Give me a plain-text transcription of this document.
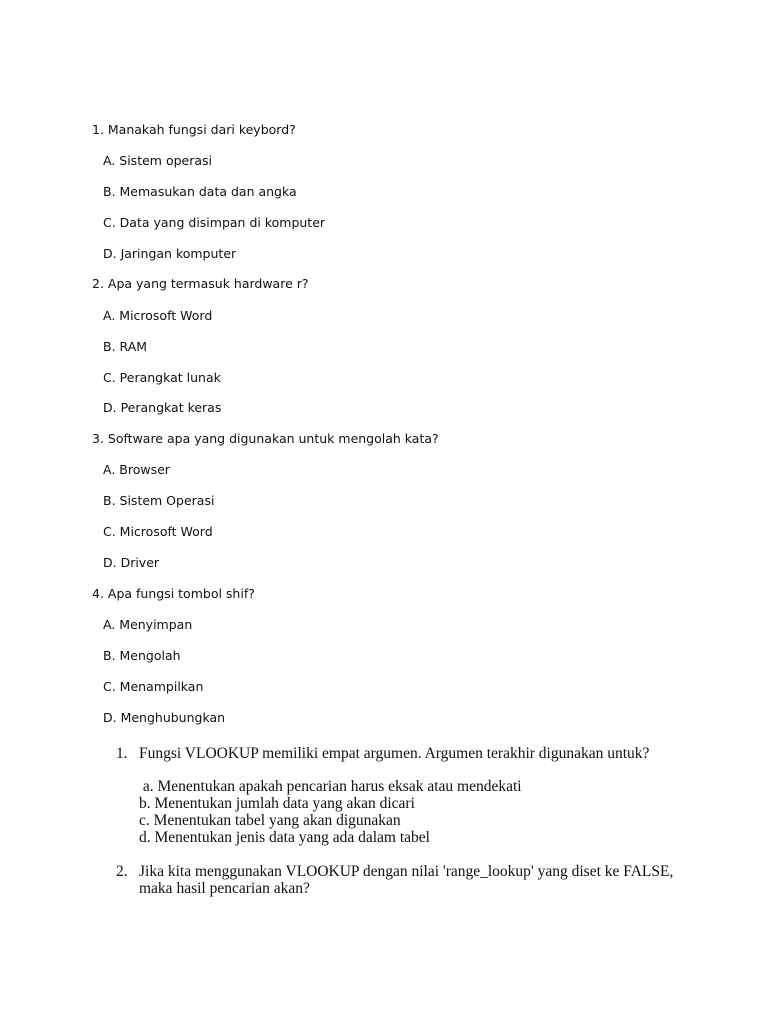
1. Manakah fungsi dari keybord?
A. Sistem operasi
B. Memasukan data dan angka
C. Data yang disimpan di komputer
D. Jaringan komputer
2. Apa yang termasuk hardware r?
A. Microsoft Word
B. RAM
C. Perangkat lunak
D. Perangkat keras
3. Software apa yang digunakan untuk mengolah kata?
A. Browser
B. Sistem Operasi
C. Microsoft Word
D. Driver
4. Apa fungsi tombol shif?
A. Menyimpan
B. Mengolah
C. Menampilkan
D. Menghubungkan
1. Fungsi VLOOKUP memiliki empat argumen. Argumen terakhir digunakan untuk?
a. Menentukan apakah pencarian harus eksak atau mendekati
b. Menentukan jumlah data yang akan dicari
c. Menentukan tabel yang akan digunakan
d. Menentukan jenis data yang ada dalam tabel
2. Jika kita menggunakan VLOOKUP dengan nilai 'range_lookup' yang diset ke FALSE, maka hasil pencarian akan?
